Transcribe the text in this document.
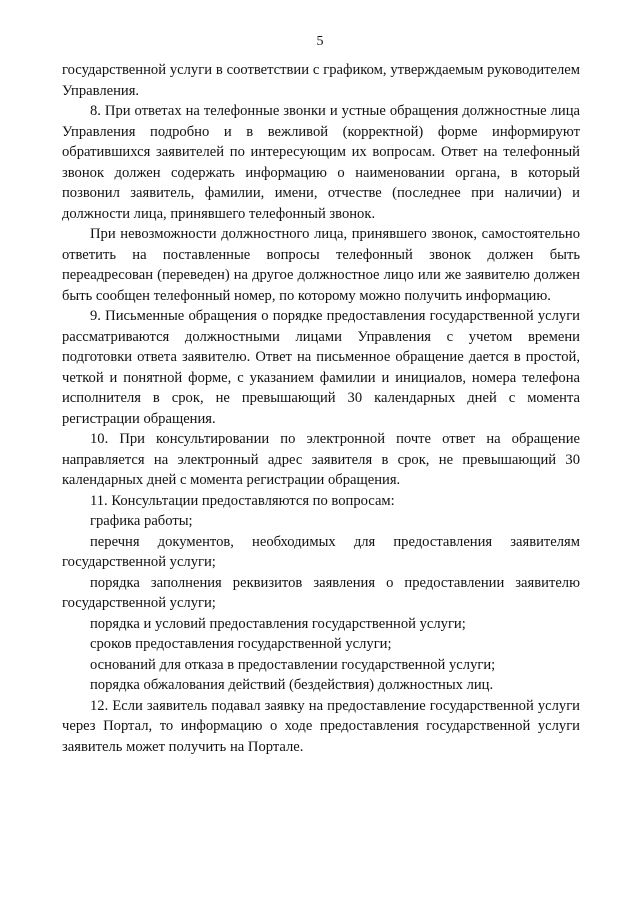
5

государственной услуги в соответствии с графиком, утверждаемым руководителем Управления.

8. При ответах на телефонные звонки и устные обращения должностные лица Управления подробно и в вежливой (корректной) форме информируют обратившихся заявителей по интересующим их вопросам. Ответ на телефонный звонок должен содержать информацию о наименовании органа, в который позвонил заявитель, фамилии, имени, отчестве (последнее при наличии) и должности лица, принявшего телефонный звонок.

При невозможности должностного лица, принявшего звонок, самостоятельно ответить на поставленные вопросы телефонный звонок должен быть переадресован (переведен) на другое должностное лицо или же заявителю должен быть сообщен телефонный номер, по которому можно получить информацию.

9. Письменные обращения о порядке предоставления государственной услуги рассматриваются должностными лицами Управления с учетом времени подготовки ответа заявителю. Ответ на письменное обращение дается в простой, четкой и понятной форме, с указанием фамилии и инициалов, номера телефона исполнителя в срок, не превышающий 30 календарных дней с момента регистрации обращения.

10. При консультировании по электронной почте ответ на обращение направляется на электронный адрес заявителя в срок, не превышающий 30 календарных дней с момента регистрации обращения.

11. Консультации предоставляются по вопросам:

графика работы;

перечня документов, необходимых для предоставления заявителям государственной услуги;

порядка заполнения реквизитов заявления о предоставлении заявителю государственной услуги;

порядка и условий предоставления государственной услуги;

сроков предоставления государственной услуги;

оснований для отказа в предоставлении государственной услуги;

порядка обжалования действий (бездействия) должностных лиц.

12. Если заявитель подавал заявку на предоставление государственной услуги через Портал, то информацию о ходе предоставления государственной услуги заявитель может получить на Портале.
